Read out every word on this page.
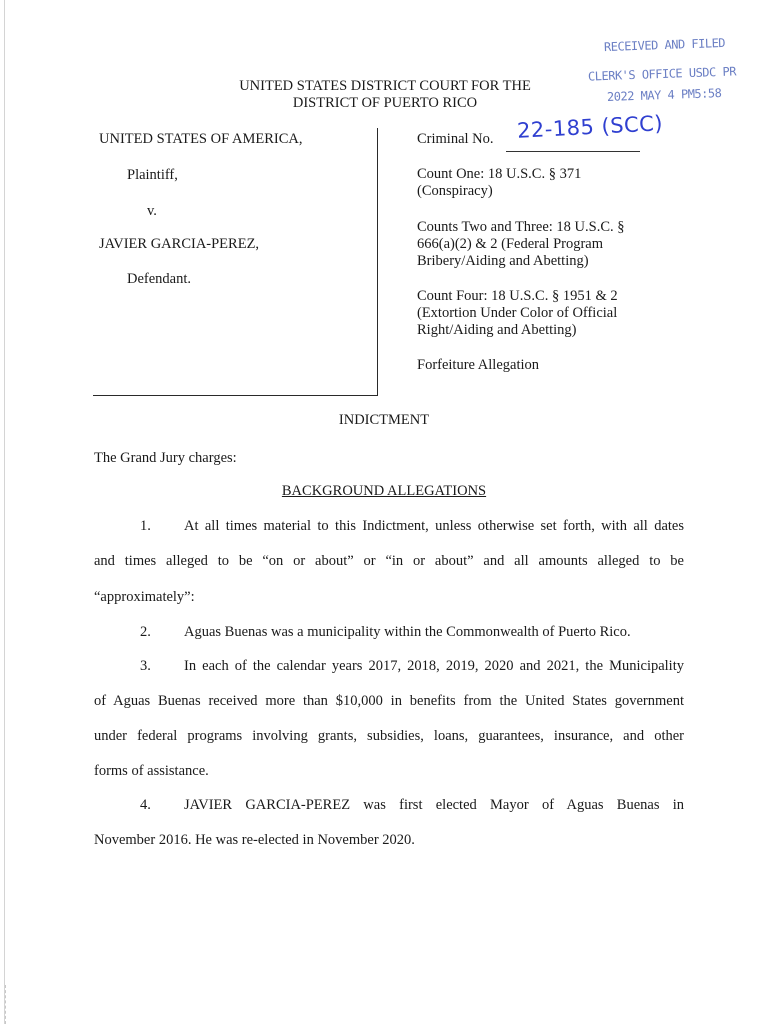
RECEIVED AND FILED
CLERK'S OFFICE USDC PR
2022 MAY 4 PM5:58
UNITED STATES DISTRICT COURT FOR THE
DISTRICT OF PUERTO RICO
UNITED STATES OF AMERICA,
Plaintiff,
v.
JAVIER GARCIA-PEREZ,
Defendant.
Criminal No. 22-185 (SCC)
Count One: 18 U.S.C. § 371
(Conspiracy)
Counts Two and Three: 18 U.S.C. §
666(a)(2) & 2 (Federal Program
Bribery/Aiding and Abetting)
Count Four: 18 U.S.C. § 1951 & 2
(Extortion Under Color of Official
Right/Aiding and Abetting)
Forfeiture Allegation
INDICTMENT
The Grand Jury charges:
BACKGROUND ALLEGATIONS
1. At all times material to this Indictment, unless otherwise set forth, with all dates
and times alleged to be “on or about” or “in or about” and all amounts alleged to be
“approximately”:
2. Aguas Buenas was a municipality within the Commonwealth of Puerto Rico.
3. In each of the calendar years 2017, 2018, 2019, 2020 and 2021, the Municipality
of Aguas Buenas received more than $10,000 in benefits from the United States government
under federal programs involving grants, subsidies, loans, guarantees, insurance, and other
forms of assistance.
4. JAVIER GARCIA-PEREZ was first elected Mayor of Aguas Buenas in
November 2016. He was re-elected in November 2020.
